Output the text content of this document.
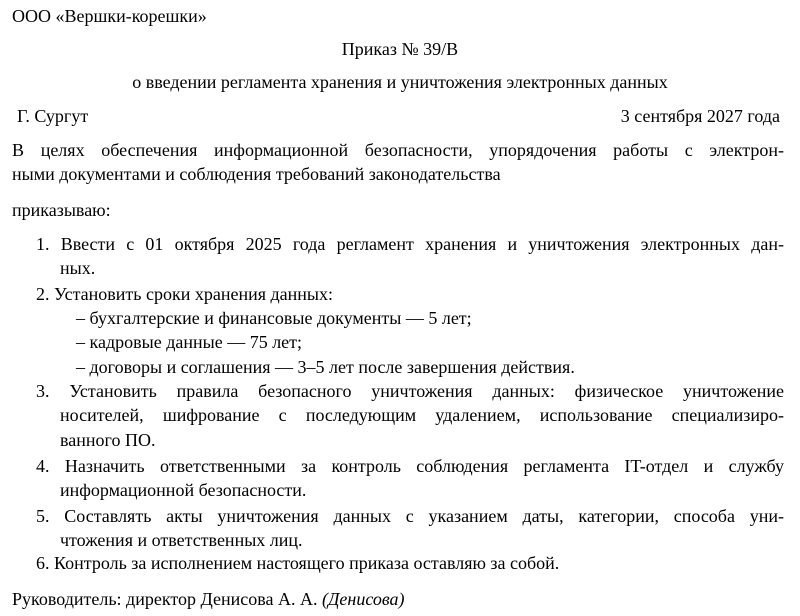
ООО «Вершки-корешки»
Приказ № 39/В
о введении регламента хранения и уничтожения электронных данных
Г. Сургут	3 сентября 2027 года
В целях обеспечения информационной безопасности, упорядочения работы с электрон-
ными документами и соблюдения требований законодательства
приказываю:
1. Ввести с 01 октября 2025 года регламент хранения и уничтожения электронных дан-
ных.
2. Установить сроки хранения данных:
– бухгалтерские и финансовые документы — 5 лет;
– кадровые данные — 75 лет;
– договоры и соглашения — 3–5 лет после завершения действия.
3. Установить правила безопасного уничтожения данных: физическое уничтожение
носителей, шифрование с последующим удалением, использование специализиро-
ванного ПО.
4. Назначить ответственными за контроль соблюдения регламента IT-отдел и службу
информационной безопасности.
5. Составлять акты уничтожения данных с указанием даты, категории, способа уни-
чтожения и ответственных лиц.
6. Контроль за исполнением настоящего приказа оставляю за собой.
Руководитель: директор Денисова А. А. (Денисова)
